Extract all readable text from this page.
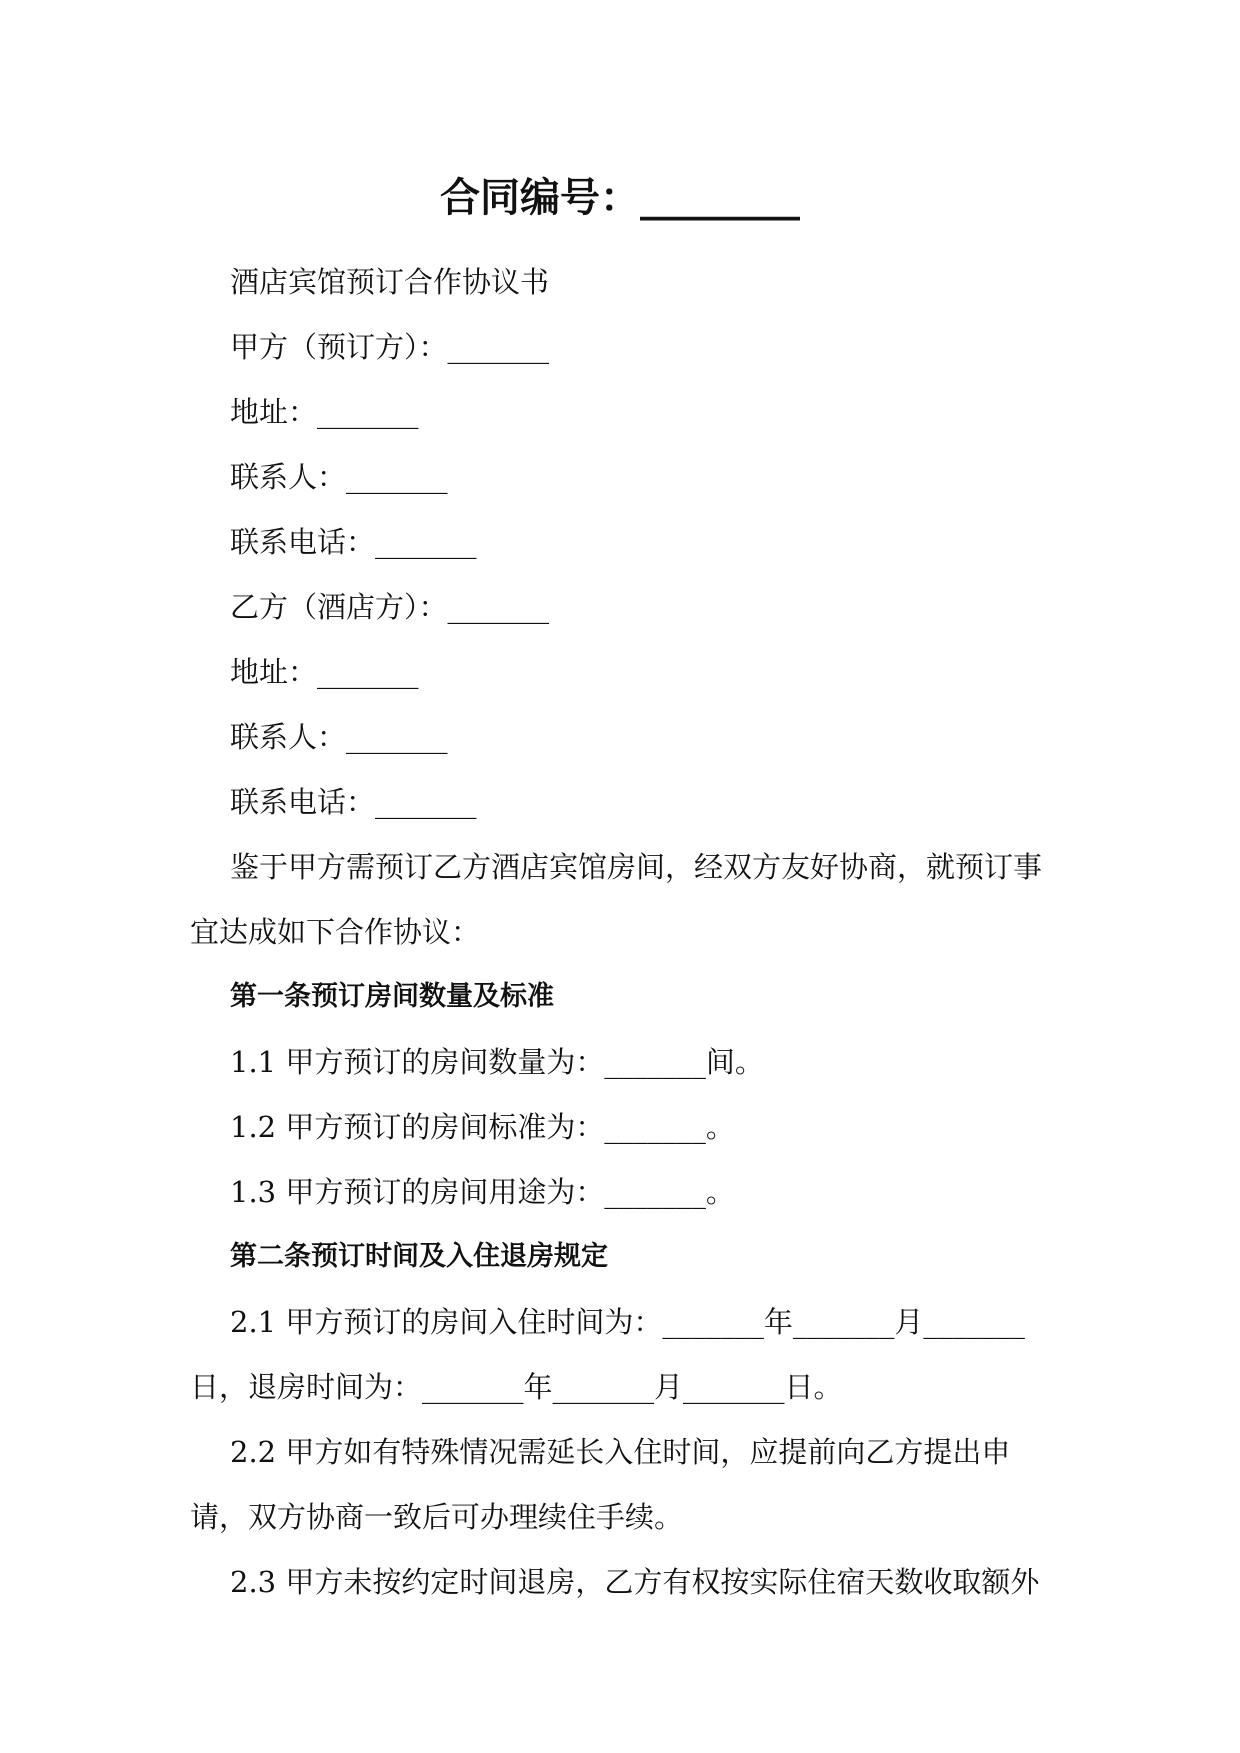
合同编号：________
酒店宾馆预订合作协议书
甲方（预订方）：_______
地址：_______
联系人：_______
联系电话：_______
乙方（酒店方）：_______
地址：_______
联系人：_______
联系电话：_______
鉴于甲方需预订乙方酒店宾馆房间，经双方友好协商，就预订事
宜达成如下合作协议：
第一条预订房间数量及标准
1.1 甲方预订的房间数量为：_______间。
1.2 甲方预订的房间标准为：_______。
1.3 甲方预订的房间用途为：_______。
第二条预订时间及入住退房规定
2.1 甲方预订的房间入住时间为：_______年_______月_______
日，退房时间为：_______年_______月_______日。
2.2 甲方如有特殊情况需延长入住时间，应提前向乙方提出申
请，双方协商一致后可办理续住手续。
2.3 甲方未按约定时间退房，乙方有权按实际住宿天数收取额外
